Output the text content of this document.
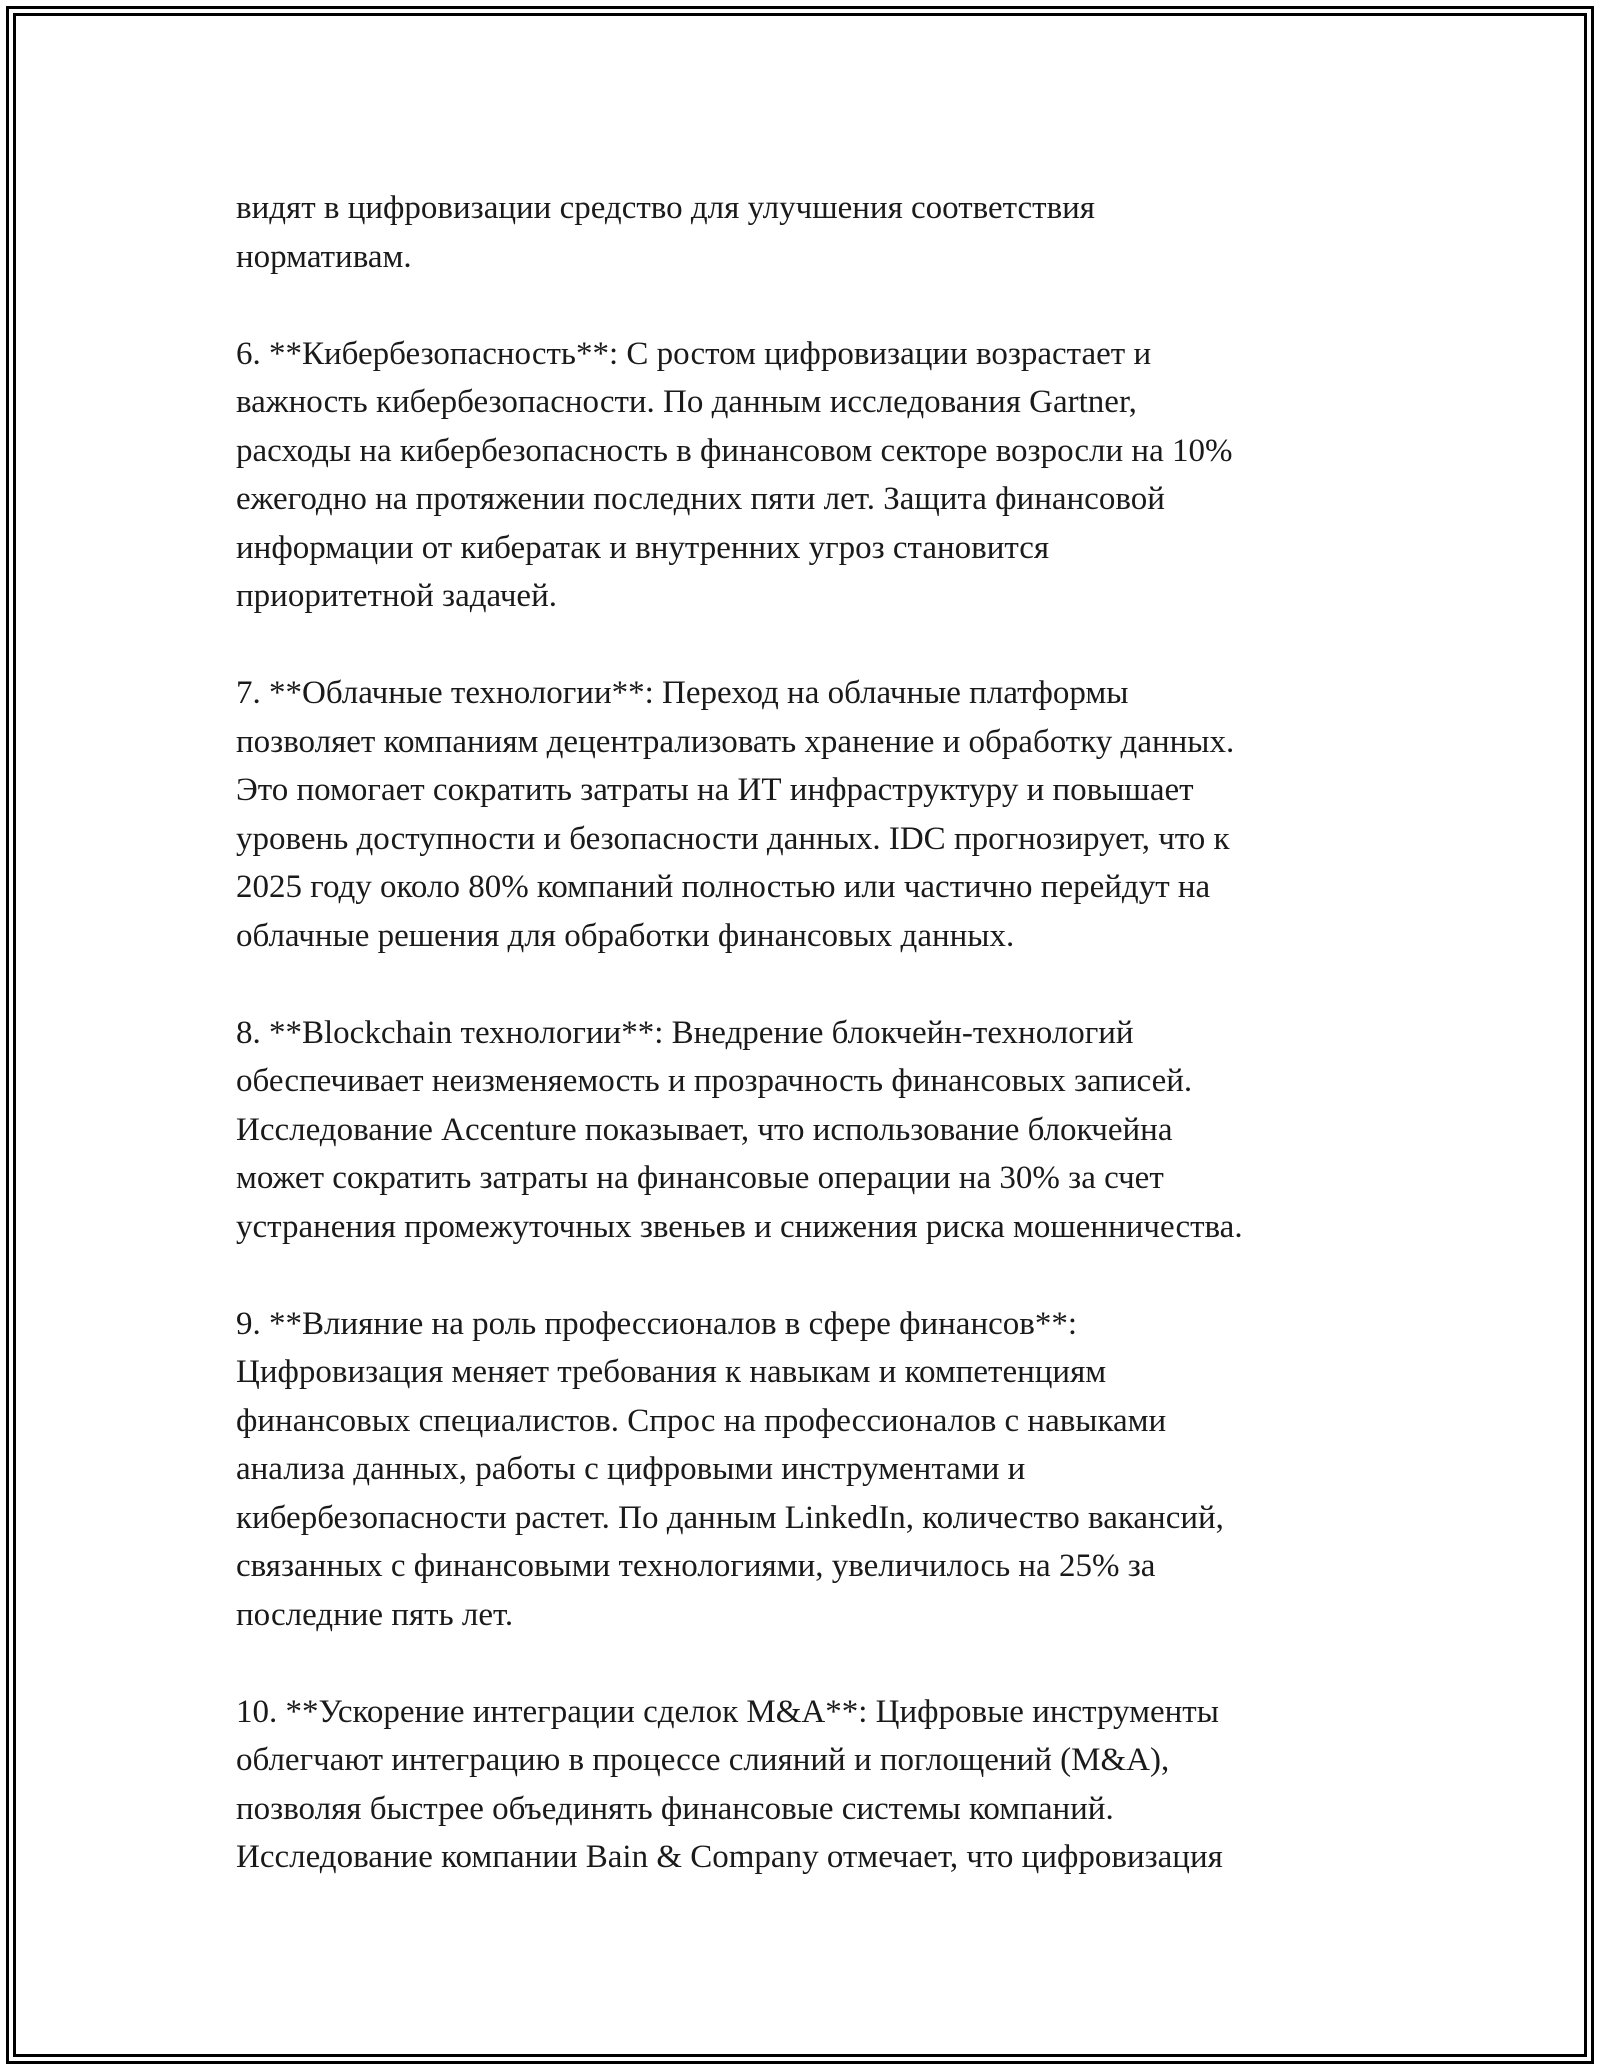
видят в цифровизации средство для улучшения соответствия
нормативам.

6. **Кибербезопасность**: С ростом цифровизации возрастает и
важность кибербезопасности. По данным исследования Gartner,
расходы на кибербезопасность в финансовом секторе возросли на 10%
ежегодно на протяжении последних пяти лет. Защита финансовой
информации от кибератак и внутренних угроз становится
приоритетной задачей.

7. **Облачные технологии**: Переход на облачные платформы
позволяет компаниям децентрализовать хранение и обработку данных.
Это помогает сократить затраты на ИТ инфраструктуру и повышает
уровень доступности и безопасности данных. IDC прогнозирует, что к
2025 году около 80% компаний полностью или частично перейдут на
облачные решения для обработки финансовых данных.

8. **Blockchain технологии**: Внедрение блокчейн-технологий
обеспечивает неизменяемость и прозрачность финансовых записей.
Исследование Accenture показывает, что использование блокчейна
может сократить затраты на финансовые операции на 30% за счет
устранения промежуточных звеньев и снижения риска мошенничества.

9. **Влияние на роль профессионалов в сфере финансов**:
Цифровизация меняет требования к навыкам и компетенциям
финансовых специалистов. Спрос на профессионалов с навыками
анализа данных, работы с цифровыми инструментами и
кибербезопасности растет. По данным LinkedIn, количество вакансий,
связанных с финансовыми технологиями, увеличилось на 25% за
последние пять лет.

10. **Ускорение интеграции сделок M&A**: Цифровые инструменты
облегчают интеграцию в процессе слияний и поглощений (M&A),
позволяя быстрее объединять финансовые системы компаний.
Исследование компании Bain & Company отмечает, что цифровизация
